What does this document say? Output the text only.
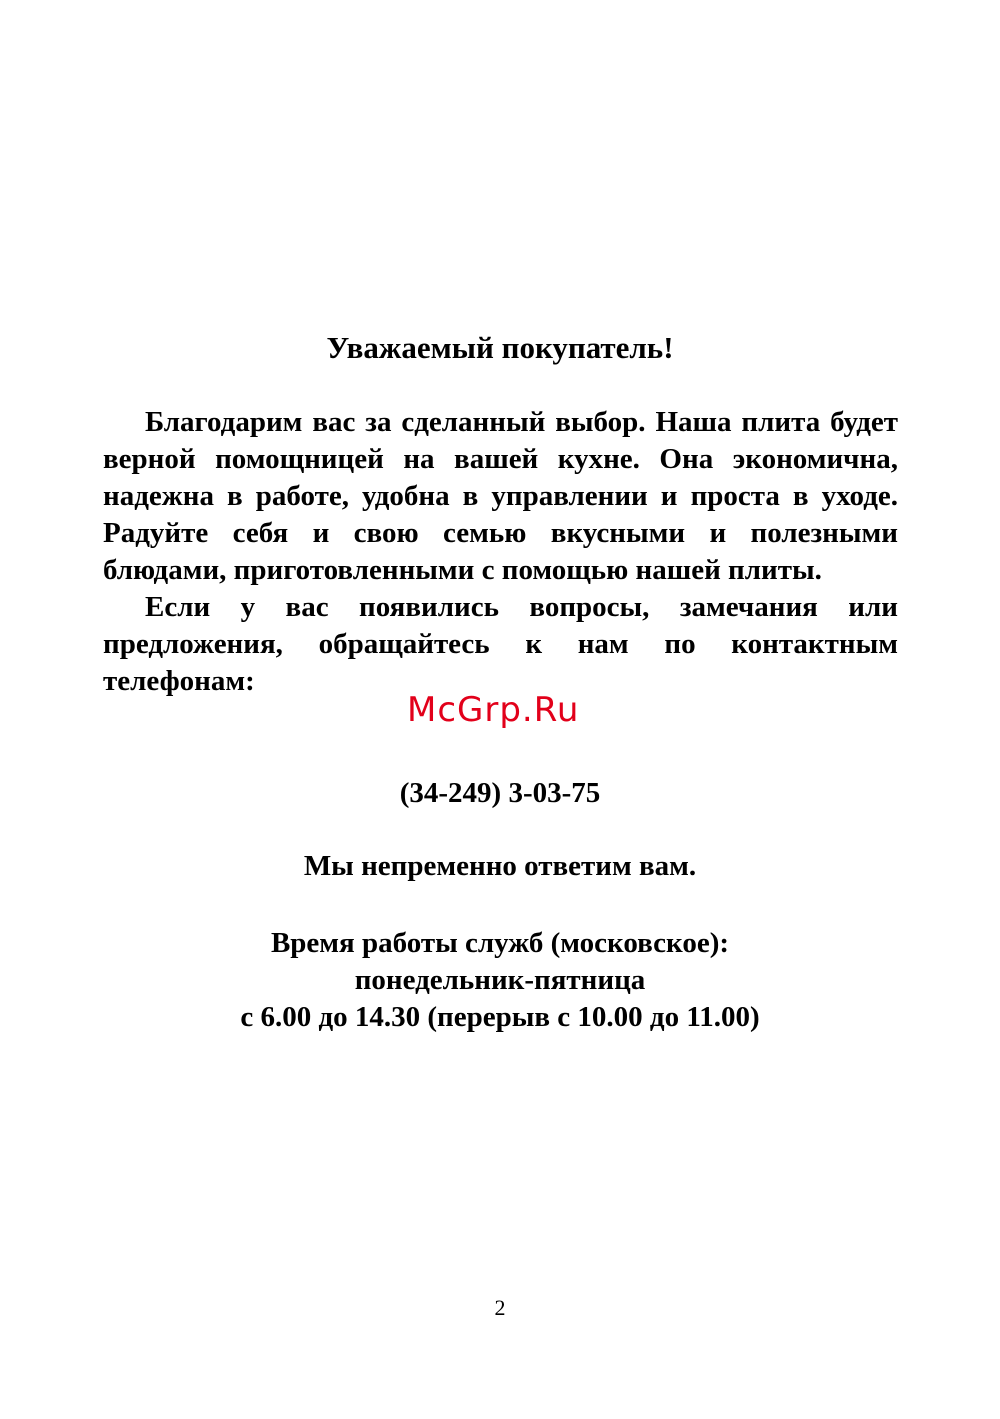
Уважаемый покупатель!

Благодарим вас за сделанный выбор. Наша плита будет верной помощницей на вашей кухне. Она экономична, надежна в работе, удобна в управлении и проста в уходе. Радуйте себя и свою семью вкусными и полезными блюдами, приготовленными с помощью нашей плиты.

Если у вас появились вопросы, замечания или предложения, обращайтесь к нам по контактным телефонам:

McGrp.Ru
(34-249) 3-03-75
Мы непременно ответим вам.
Время работы служб (московское):
понедельник-пятница
с 6.00 до 14.30 (перерыв с 10.00 до 11.00)
2
